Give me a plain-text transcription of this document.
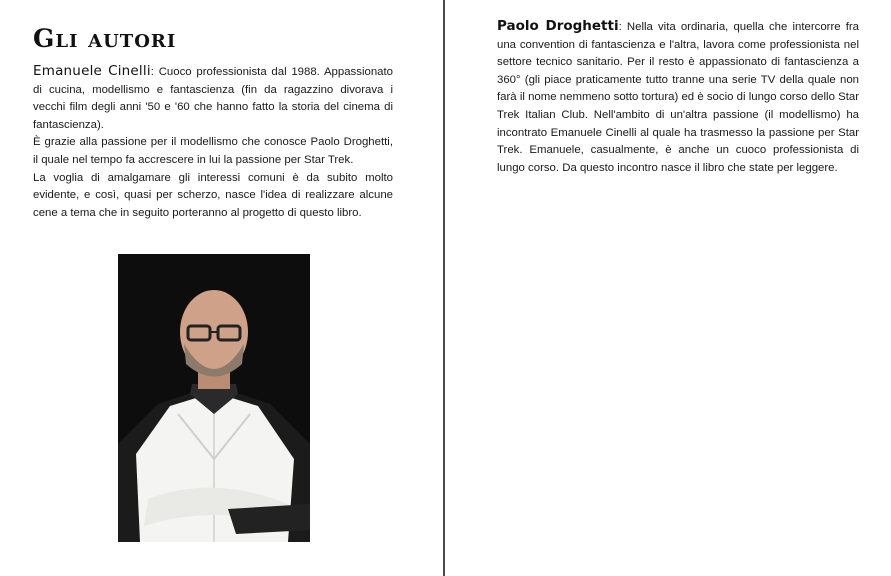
Gli autori

Emanuele Cinelli: Cuoco professionista dal 1988. Appassionato di cucina, modellismo e fantascienza (fin da ragazzino divorava i vecchi film degli anni '50 e '60 che hanno fatto la storia del cinema di fantascienza).

È grazie alla passione per il modellismo che conosce Paolo Droghetti, il quale nel tempo fa accrescere in lui la passione per Star Trek.

La voglia di amalgamare gli interessi comuni è da subito molto evidente, e così, quasi per scherzo, nasce l'idea di realizzare alcune cene a tema che in seguito porteranno al progetto di questo libro.

Paolo Droghetti: Nella vita ordinaria, quella che intercorre fra una convention di fantascienza e l'altra, lavora come professionista nel settore tecnico sanitario. Per il resto è appassionato di fantascienza a 360° (gli piace praticamente tutto tranne una serie TV della quale non farà il nome nemmeno sotto tortura) ed è socio di lungo corso dello Star Trek Italian Club. Nell'ambito di un'altra passione (il modellismo) ha incontrato Emanuele Cinelli al quale ha trasmesso la passione per Star Trek. Emanuele, casualmente, è anche un cuoco professionista di lungo corso. Da questo incontro nasce il libro che state per leggere.
